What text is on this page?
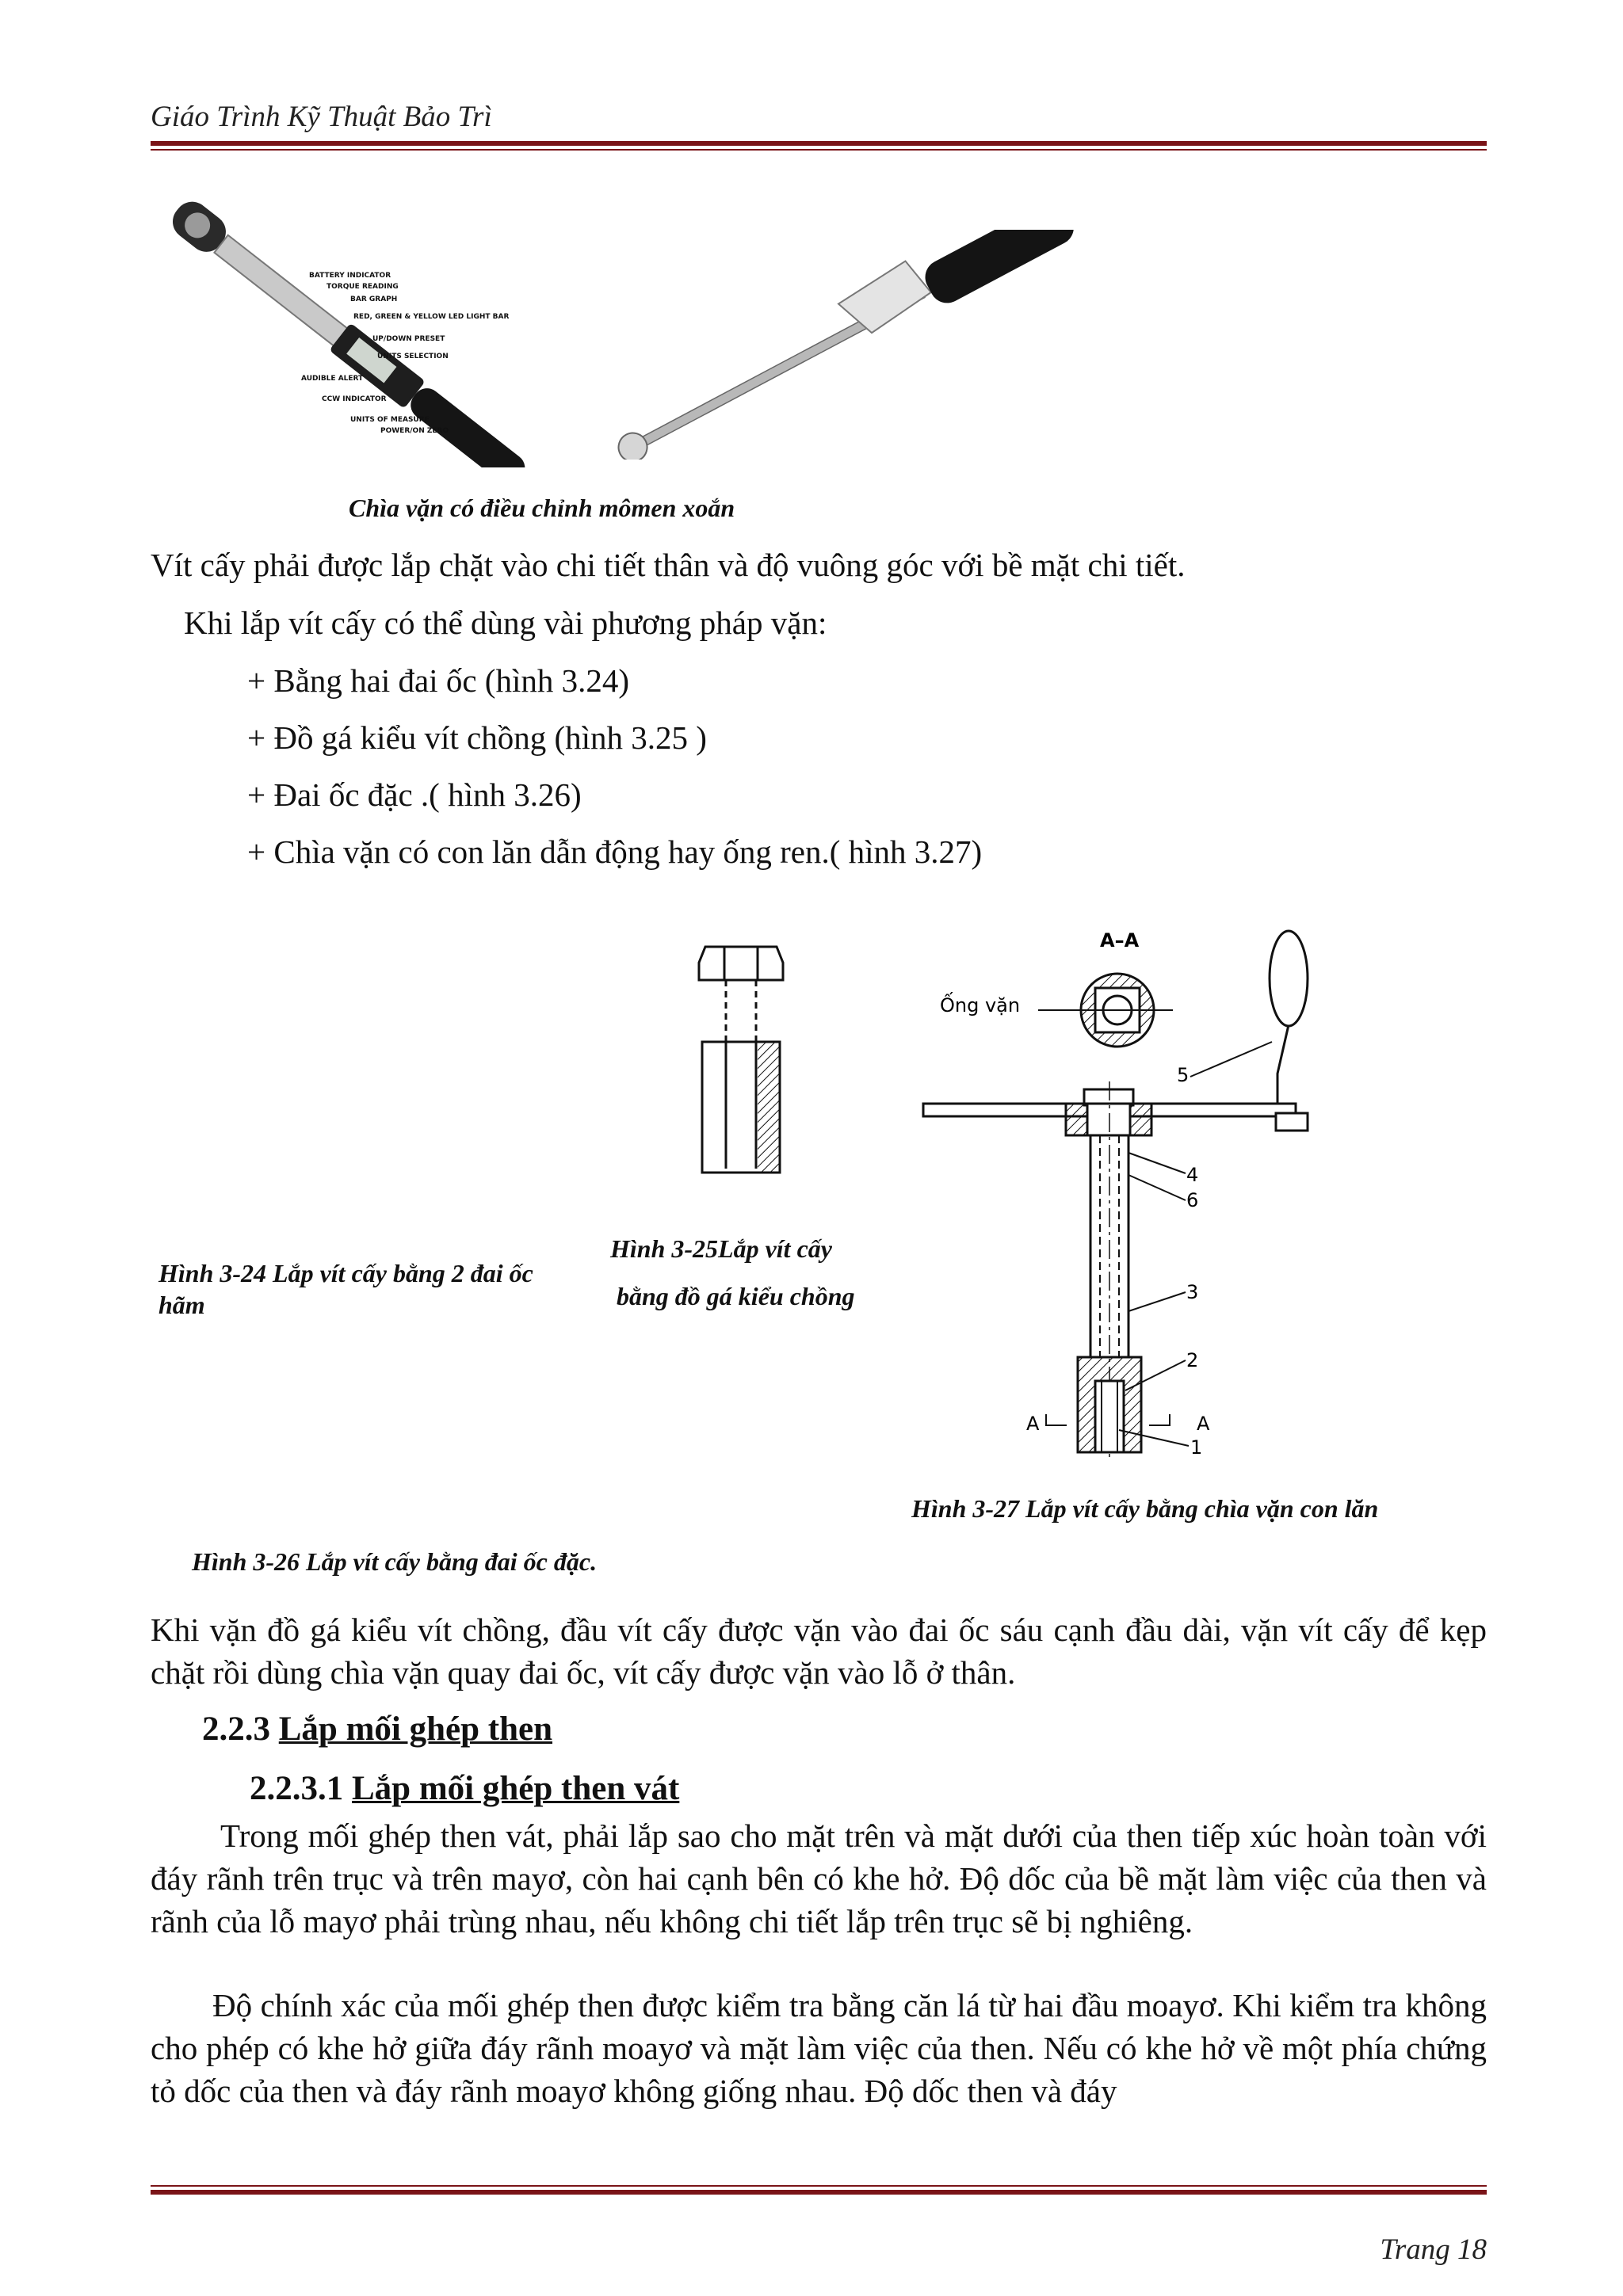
Giáo Trình Kỹ Thuật Bảo Trì
BATTERY INDICATOR
TORQUE READING
BAR GRAPH
RED, GREEN & YELLOW LED LIGHT BAR
UP/DOWN PRESET
UNITS SELECTION
AUDIBLE ALERT
CCW INDICATOR
UNITS OF MEASURE
POWER/ON ZERO
Chìa vặn có điều chỉnh mômen xoắn
Vít cấy phải được lắp chặt vào chi tiết thân và độ vuông góc với bề mặt chi tiết.
Khi lắp vít cấy có thể dùng vài phương pháp vặn:
+ Bằng hai đai ốc (hình 3.24)
+ Đồ gá kiểu vít chồng (hình 3.25 )
+ Đai ốc đặc .( hình 3.26)
+ Chìa vặn có con lăn dẫn động hay ống ren.( hình 3.27)
A–A
Ống vặn
5
4
6
3
2
1
A	A
Hình 3-24 Lắp vít cấy bằng 2 đai ốc hãm
Hình 3-25Lắp vít cấy
bằng đồ gá kiểu chồng
Hình 3-27 Lắp vít cấy bằng chìa vặn con lăn
Hình 3-26 Lắp vít cấy bằng đai ốc đặc.
Khi vặn đồ gá kiểu vít chồng, đầu vít cấy được vặn vào đai ốc sáu cạnh đầu dài, vặn vít cấy để kẹp chặt rồi dùng chìa vặn quay đai ốc, vít cấy được vặn vào lỗ ở thân.
2.2.3 Lắp mối ghép then
2.2.3.1 Lắp mối ghép then vát
Trong mối ghép then vát, phải lắp sao cho mặt trên và mặt dưới của then tiếp xúc hoàn toàn với đáy rãnh trên trục và trên mayơ, còn hai cạnh bên có khe hở. Độ dốc của bề mặt làm việc của then và rãnh của lỗ mayơ phải trùng nhau, nếu không chi tiết lắp trên trục sẽ bị nghiêng.
Độ chính xác của mối ghép then được kiểm tra bằng căn lá từ hai đầu moayơ. Khi kiểm tra không cho phép có khe hở giữa đáy rãnh moayơ và mặt làm việc của then. Nếu có khe hở về một phía chứng tỏ dốc của then và đáy rãnh moayơ không giống nhau. Độ dốc then và đáy
Trang 18
